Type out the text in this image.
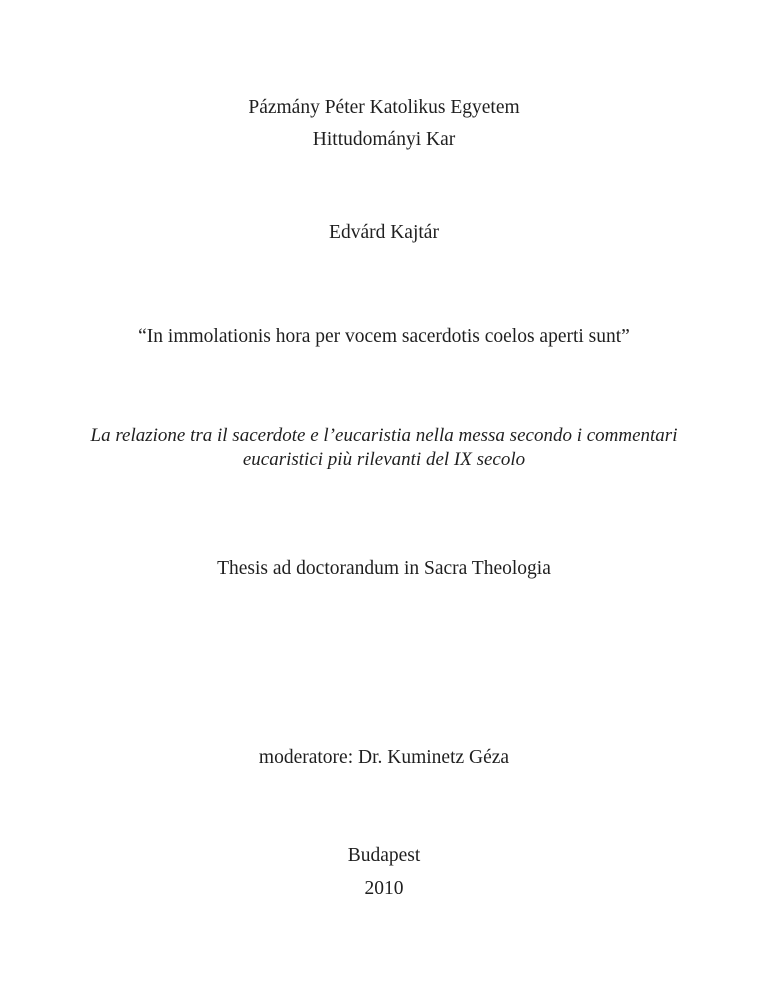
Pázmány Péter Katolikus Egyetem
Hittudományi Kar
Edvárd Kajtár
“In immolationis hora per vocem sacerdotis coelos aperti sunt”
La relazione tra il sacerdote e l’eucaristia nella messa secondo i commentari
eucaristici più rilevanti del IX secolo
Thesis ad doctorandum in Sacra Theologia
moderatore: Dr. Kuminetz Géza
Budapest
2010
